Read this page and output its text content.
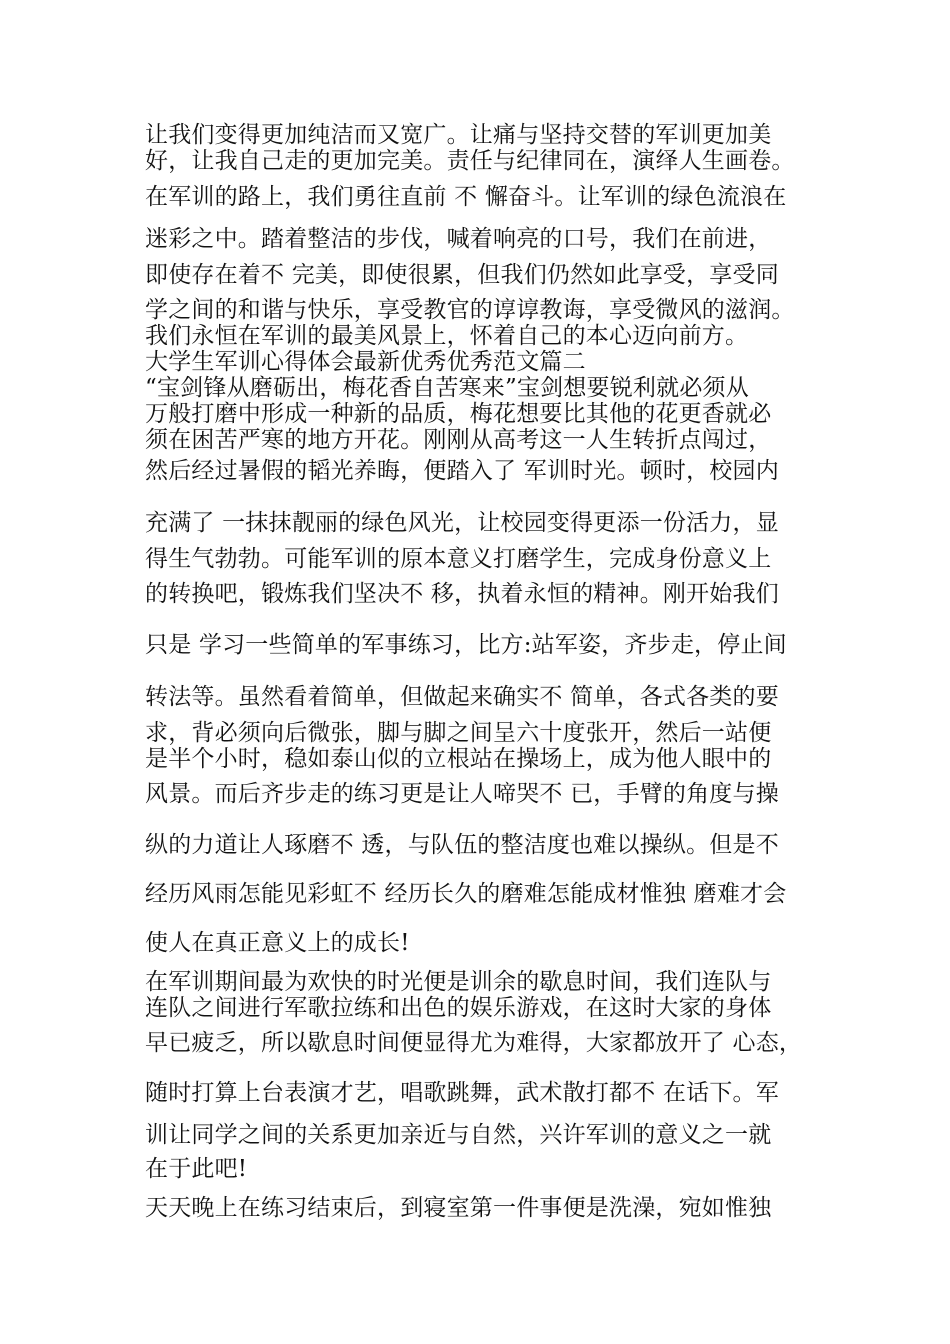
让我们变得更加纯洁而又宽广。让痛与坚持交替的军训更加美
好，让我自己走的更加完美。责任与纪律同在，演绎人生画卷。
在军训的路上，我们勇往直前 不 懈奋斗。让军训的绿色流浪在
迷彩之中。踏着整洁的步伐，喊着响亮的口号，我们在前进，
即使存在着不 完美，即使很累，但我们仍然如此享受，享受同
学之间的和谐与快乐，享受教官的谆谆教诲，享受微风的滋润。
我们永恒在军训的最美风景上，怀着自己的本心迈向前方。
大学生军训心得体会最新优秀优秀范文篇二
“宝剑锋从磨砺出，梅花香自苦寒来”宝剑想要锐利就必须从
万般打磨中形成一种新的品质，梅花想要比其他的花更香就必
须在困苦严寒的地方开花。刚刚从高考这一人生转折点闯过，
然后经过暑假的韬光养晦，便踏入了 军训时光。顿时，校园内
充满了 一抹抹靓丽的绿色风光，让校园变得更添一份活力，显
得生气勃勃。可能军训的原本意义打磨学生，完成身份意义上
的转换吧，锻炼我们坚决不 移，执着永恒的精神。刚开始我们
只是 学习一些简单的军事练习，比方:站军姿，齐步走，停止间
转法等。虽然看着简单，但做起来确实不 简单，各式各类的要
求，背必须向后微张，脚与脚之间呈六十度张开，然后一站便
是半个小时，稳如泰山似的立根站在操场上，成为他人眼中的
风景。而后齐步走的练习更是让人啼哭不 已，手臂的角度与操
纵的力道让人琢磨不 透，与队伍的整洁度也难以操纵。但是不
经历风雨怎能见彩虹不 经历长久的磨难怎能成材惟独 磨难才会
使人在真正意义上的成长!
在军训期间最为欢快的时光便是训余的歇息时间，我们连队与
连队之间进行军歌拉练和出色的娱乐游戏，在这时大家的身体
早已疲乏，所以歇息时间便显得尤为难得，大家都放开了 心态，
随时打算上台表演才艺，唱歌跳舞，武术散打都不 在话下。军
训让同学之间的关系更加亲近与自然，兴许军训的意义之一就
在于此吧!
天天晚上在练习结束后，到寝室第一件事便是洗澡，宛如惟独
